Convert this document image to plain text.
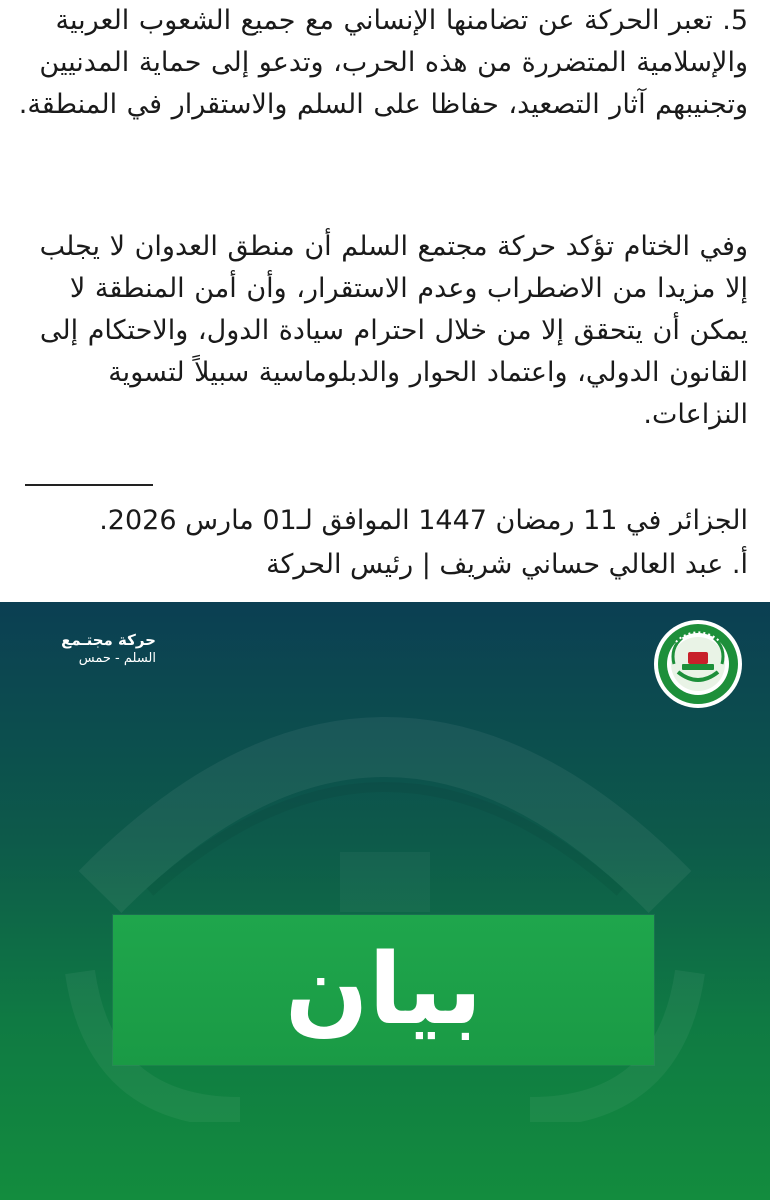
5. تعبر الحركة عن تضامنها الإنساني مع جميع الشعوب العربية والإسلامية المتضررة من هذه الحرب، وتدعو إلى حماية المدنيين وتجنيبهم آثار التصعيد، حفاظا على السلم والاستقرار في المنطقة.

وفي الختام تؤكد حركة مجتمع السلم أن منطق العدوان لا يجلب إلا مزيدا من الاضطراب وعدم الاستقرار، وأن أمن المنطقة لا يمكن أن يتحقق إلا من خلال احترام سيادة الدول، والاحتكام إلى القانون الدولي، واعتماد الحوار والدبلوماسية سبيلاً لتسوية النزاعات.

الجزائر في 11 رمضان 1447 الموافق لـ01 مارس 2026.

أ. عبد العالي حساني شريف | رئيس الحركة

حركة مجتـمع
السلم - حمس
بيان
